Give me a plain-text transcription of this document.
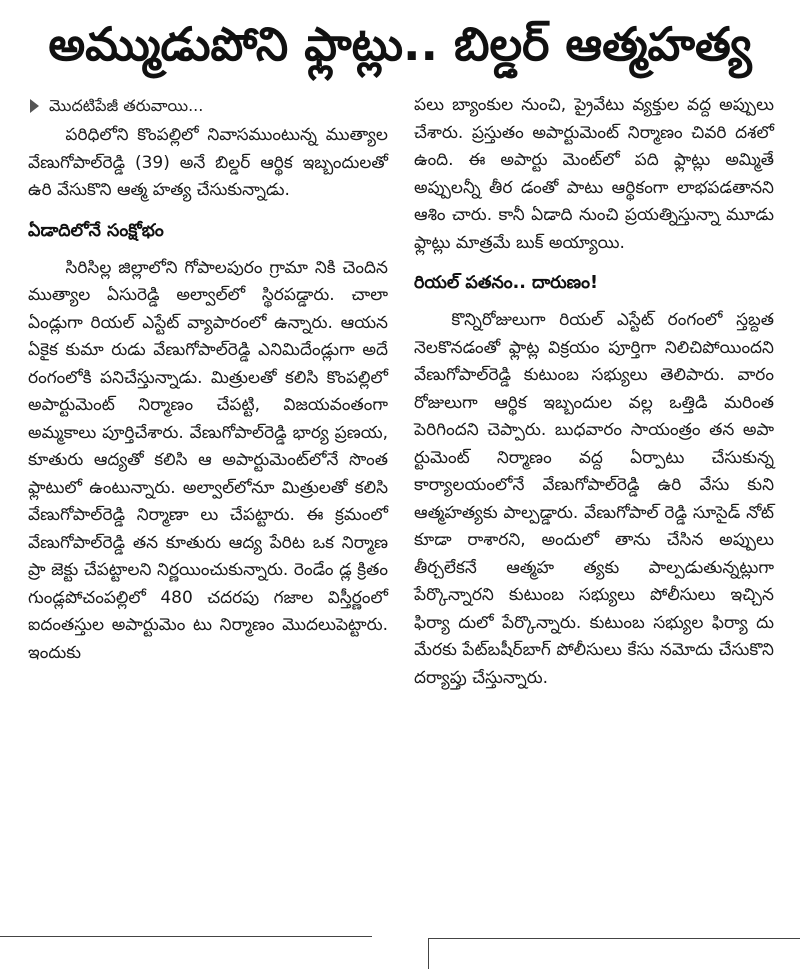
అమ్ముడుపోని ఫ్లాట్లు.. బిల్డర్ ఆత్మహత్య
మొదటిపేజీ తరువాయి...

పరిధిలోని కొంపల్లిలో నివాసముంటున్న ముత్యాల వేణుగోపాల్‌రెడ్డి (39) అనే బిల్డర్ ఆర్థిక ఇబ్బందులతో ఉరి వేసుకొని ఆత్మ హత్య చేసుకున్నాడు.

ఏడాదిలోనే సంక్షోభం

సిరిసిల్ల జిల్లాలోని గోపాలపురం గ్రామా నికి చెందిన ముత్యాల ఏసురెడ్డి అల్వాల్‌లో స్థిరపడ్డారు. చాలా ఏండ్లుగా రియల్ ఎస్టేట్ వ్యాపారంలో ఉన్నారు. ఆయన ఏకైక కుమా రుడు వేణుగోపాల్‌రెడ్డి ఎనిమిదేండ్లుగా అదే రంగంలోకి పనిచేస్తున్నాడు. మిత్రులతో కలిసి కొంపల్లిలో అపార్టుమెంట్ నిర్మాణం చేపట్టి, విజయవంతంగా అమ్మకాలు పూర్తిచేశారు. వేణుగోపాల్‌రెడ్డి భార్య ప్రణయ, కూతురు ఆద్యతో కలిసి ఆ అపార్టుమెంట్‌లోనే సొంత ఫ్లాటులో ఉంటున్నారు. అల్వాల్‌లోనూ మిత్రులతో కలిసి వేణుగోపాల్‌రెడ్డి నిర్మాణా లు చేపట్టారు. ఈ క్రమంలో వేణుగోపాల్‌రెడ్డి తన కూతురు ఆద్య పేరిట ఒక నిర్మాణ ప్రా జెక్టు చేపట్టాలని నిర్ణయించుకున్నారు. రెండేం డ్ల క్రితం గుండ్లపోచంపల్లిలో 480 చదరపు గజాల విస్తీర్ణంలో ఐదంతస్తుల అపార్టుమెం టు నిర్మాణం మొదలుపెట్టారు. ఇందుకు

పలు బ్యాంకుల నుంచి, ప్రైవేటు వ్యక్తుల వద్ద అప్పులు చేశారు. ప్రస్తుతం అపార్టుమెంట్ నిర్మాణం చివరి దశలో ఉంది. ఈ అపార్టు మెంట్‌లో పది ఫ్లాట్లు అమ్మితే అప్పులన్నీ తీర డంతో పాటు ఆర్థికంగా లాభపడతానని ఆశిం చారు. కానీ ఏడాది నుంచి ప్రయత్నిస్తున్నా మూడు ఫ్లాట్లు మాత్రమే బుక్ అయ్యాయి.

రియల్ పతనం.. దారుణం!

కొన్నిరోజులుగా రియల్ ఎస్టేట్ రంగంలో స్తబ్దత నెలకొనడంతో ఫ్లాట్ల విక్రయం పూర్తిగా నిలిచిపోయిందని వేణుగోపాల్‌రెడ్డి కుటుంబ సభ్యులు తెలిపారు. వారం రోజులుగా ఆర్థిక ఇబ్బందుల వల్ల ఒత్తిడి మరింత పెరిగిందని చెప్పారు. బుధవారం సాయంత్రం తన అపా ర్టుమెంట్ నిర్మాణం వద్ద ఏర్పాటు చేసుకున్న కార్యాలయంలోనే వేణుగోపాల్‌రెడ్డి ఉరి వేసు కుని ఆత్మహత్యకు పాల్పడ్డారు. వేణుగోపాల్ రెడ్డి సూసైడ్ నోట్ కూడా రాశారని, అందులో తాను చేసిన అప్పులు తీర్చలేకనే ఆత్మహ త్యకు పాల్పడుతున్నట్లుగా పేర్కొన్నారని కుటుంబ సభ్యులు పోలీసులు ఇచ్చిన ఫిర్యా దులో పేర్కొన్నారు. కుటుంబ సభ్యుల ఫిర్యా దు మేరకు పేట్‌బషీర్‌బాగ్ పోలీసులు కేసు నమోదు చేసుకొని దర్యాప్తు చేస్తున్నారు.
